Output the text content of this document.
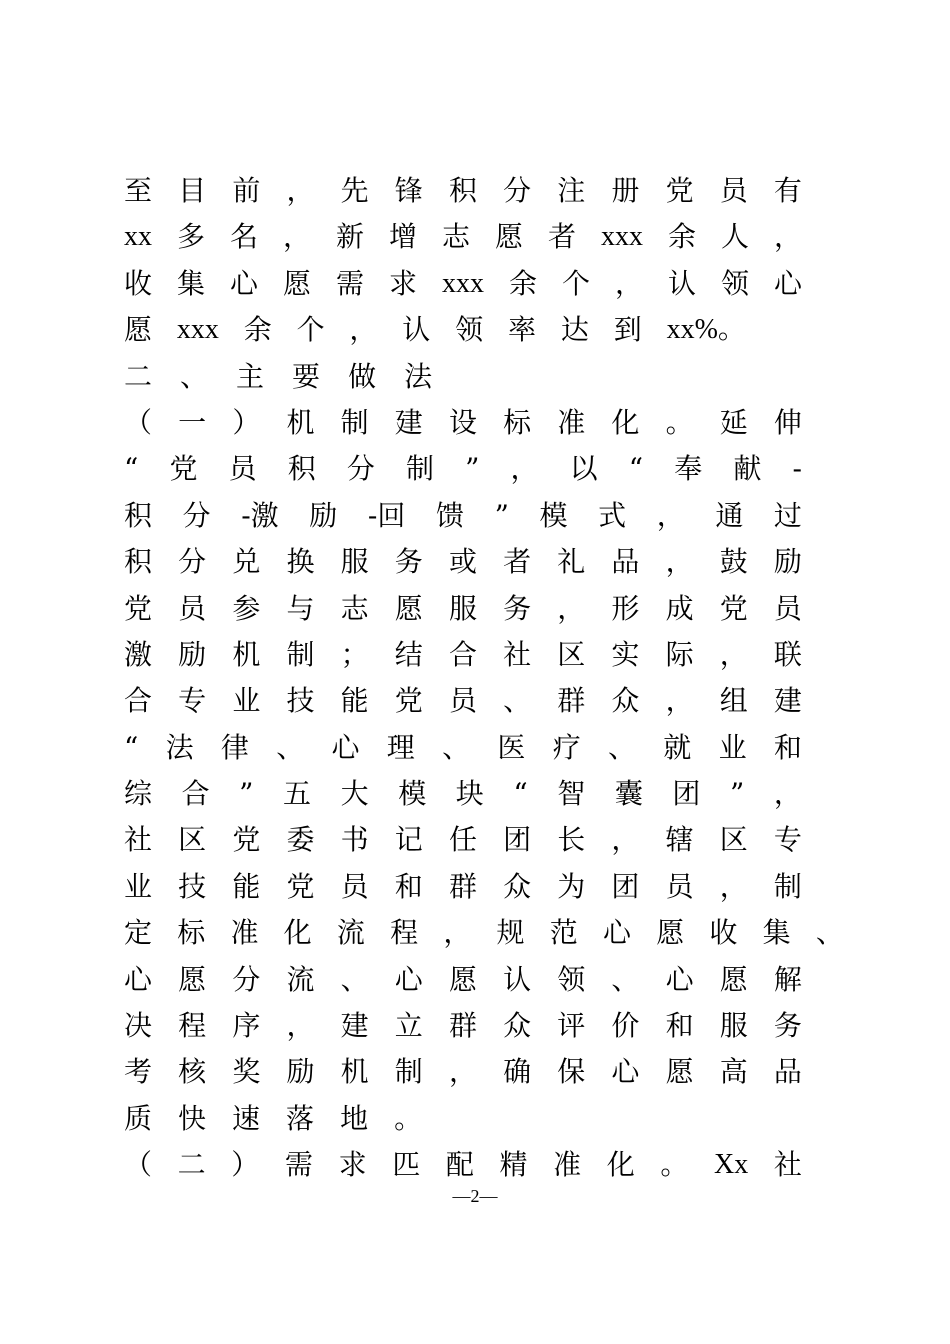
至 目 前 ， 先 锋 积 分 注 册 党 员 有
xx 多 名 ， 新 增 志 愿 者 xxx 余 人 ，
收 集 心 愿 需 求 xxx 余 个 ， 认 领 心
愿 xxx 余 个 ， 认 领 率 达 到 xx%。
二 、 主 要 做 法
（ 一 ） 机 制 建 设 标 准 化 。 延 伸
“ 党 员 积 分 制 ” ， 以 “ 奉 献 -
积 分 -激 励 -回 馈 ” 模 式 ， 通 过
积 分 兑 换 服 务 或 者 礼 品 ， 鼓 励
党 员 参 与 志 愿 服 务 ， 形 成 党 员
激 励 机 制 ； 结 合 社 区 实 际 ， 联
合 专 业 技 能 党 员 、 群 众 ， 组 建
“ 法 律 、 心 理 、 医 疗 、 就 业 和
综 合 ” 五 大 模 块 “ 智 囊 团 ” ，
社 区 党 委 书 记 任 团 长 ， 辖 区 专
业 技 能 党 员 和 群 众 为 团 员 ， 制
定 标 准 化 流 程 ， 规 范 心 愿 收 集 、
心 愿 分 流 、 心 愿 认 领 、 心 愿 解
决 程 序 ， 建 立 群 众 评 价 和 服 务
考 核 奖 励 机 制 ， 确 保 心 愿 高 品
质 快 速 落 地 。
（ 二 ） 需 求 匹 配 精 准 化 。 Xx 社
—2—
